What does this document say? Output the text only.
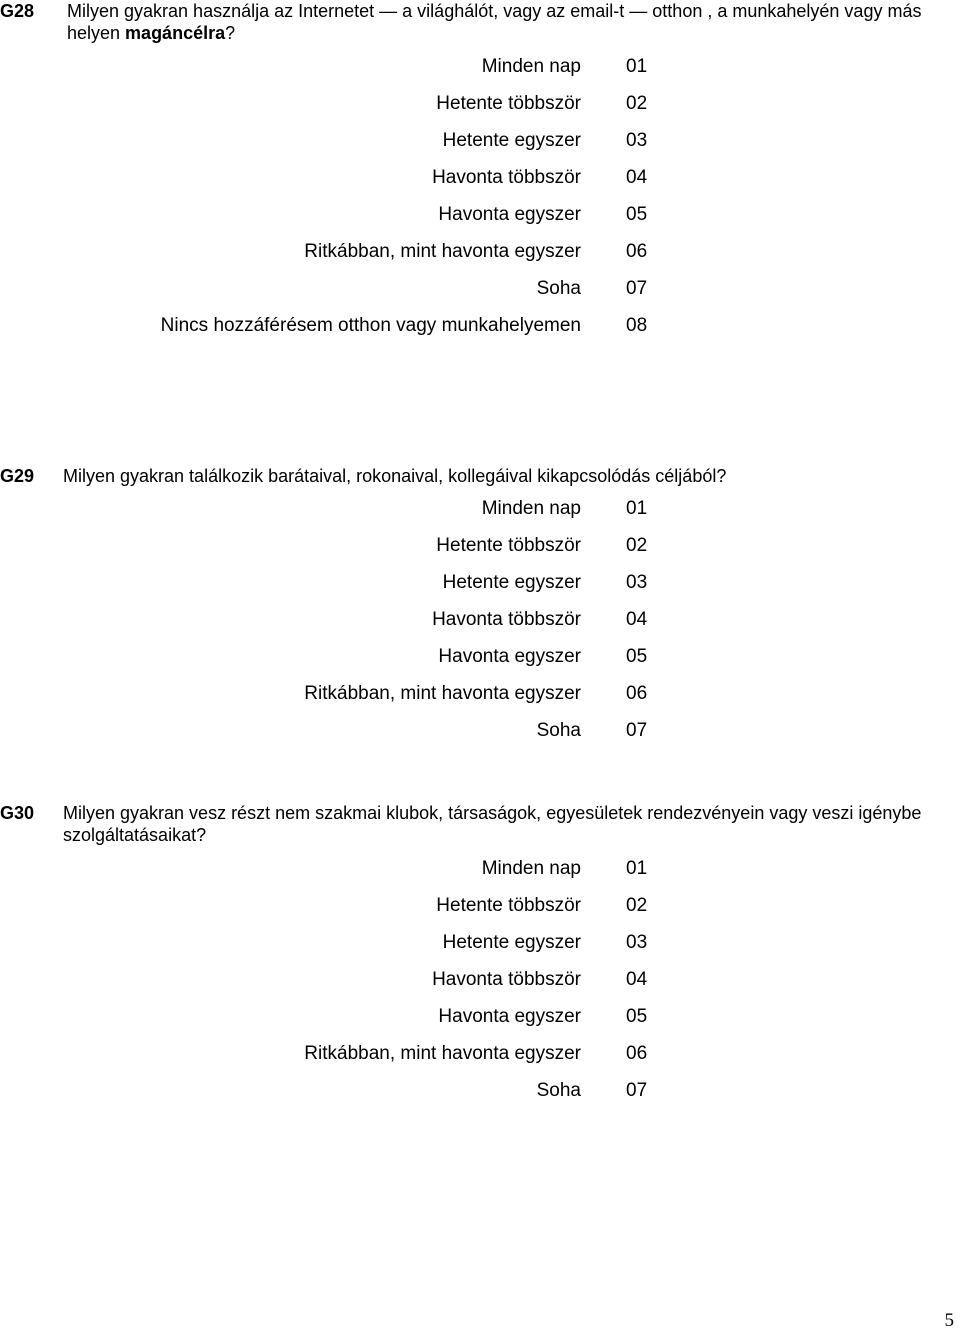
G28 Milyen gyakran használja az Internetet — a világhálót, vagy az email-t — otthon , a munkahelyén vagy más helyen magáncélra?
Minden nap 01
Hetente többször 02
Hetente egyszer 03
Havonta többször 04
Havonta egyszer 05
Ritkábban, mint havonta egyszer 06
Soha 07
Nincs hozzáférésem otthon vagy munkahelyemen 08
G29 Milyen gyakran találkozik barátaival, rokonaival, kollegáival kikapcsolódás céljából?
Minden nap 01
Hetente többször 02
Hetente egyszer 03
Havonta többször 04
Havonta egyszer 05
Ritkábban, mint havonta egyszer 06
Soha 07
G30 Milyen gyakran vesz részt nem szakmai klubok, társaságok, egyesületek rendezvényein vagy veszi igénybe szolgáltatásaikat?
Minden nap 01
Hetente többször 02
Hetente egyszer 03
Havonta többször 04
Havonta egyszer 05
Ritkábban, mint havonta egyszer 06
Soha 07
5
